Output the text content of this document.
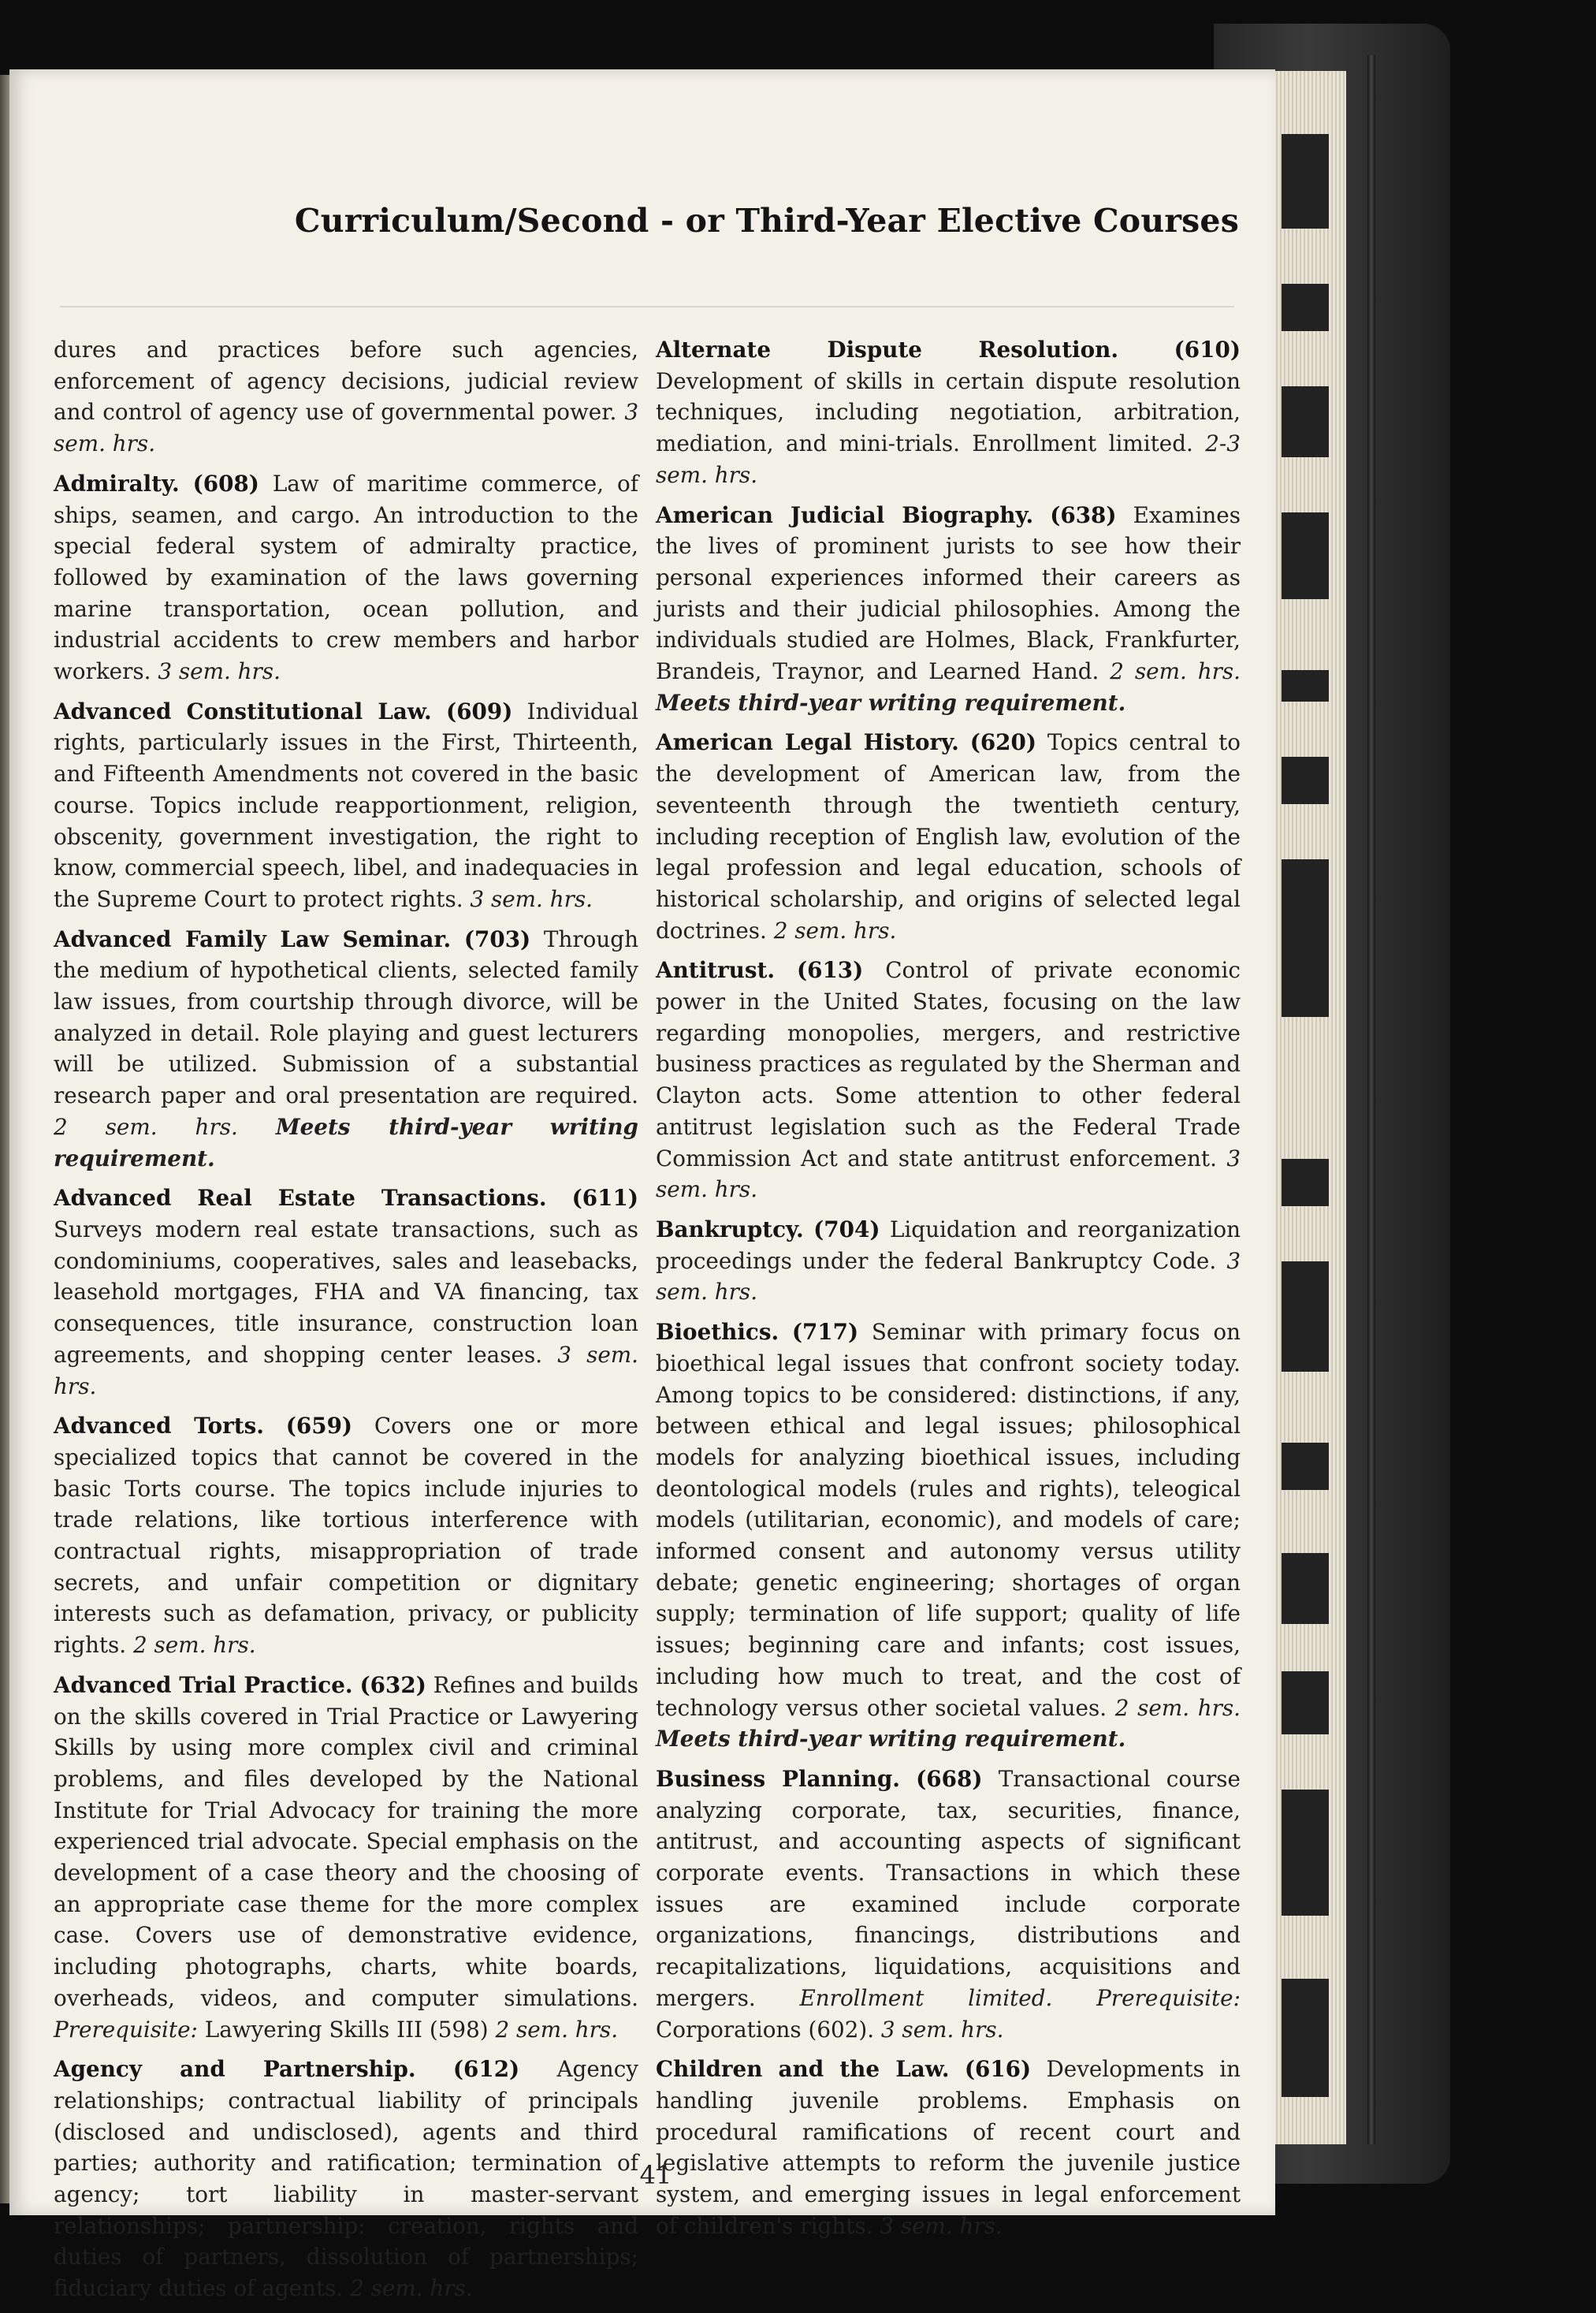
Curriculum/Second - or Third-Year Elective Courses

dures and practices before such agencies, enforcement of agency decisions, judicial review and control of agency use of governmental power. 3 sem. hrs.

Admiralty. (608) Law of maritime commerce, of ships, seamen, and cargo. An introduction to the special federal system of admiralty practice, followed by examination of the laws governing marine transportation, ocean pollution, and industrial accidents to crew members and harbor workers. 3 sem. hrs.

Advanced Constitutional Law. (609) Individual rights, particularly issues in the First, Thirteenth, and Fifteenth Amendments not covered in the basic course. Topics include reapportionment, religion, obscenity, government investigation, the right to know, commercial speech, libel, and inadequacies in the Supreme Court to protect rights. 3 sem. hrs.

Advanced Family Law Seminar. (703) Through the medium of hypothetical clients, selected family law issues, from courtship through divorce, will be analyzed in detail. Role playing and guest lecturers will be utilized. Submission of a substantial research paper and oral presentation are required. 2 sem. hrs. Meets third-year writing requirement.

Advanced Real Estate Transactions. (611) Surveys modern real estate transactions, such as condominiums, cooperatives, sales and leasebacks, leasehold mortgages, FHA and VA financing, tax consequences, title insurance, construction loan agreements, and shopping center leases. 3 sem. hrs.

Advanced Torts. (659) Covers one or more specialized topics that cannot be covered in the basic Torts course. The topics include injuries to trade relations, like tortious interference with contractual rights, misappropriation of trade secrets, and unfair competition or dignitary interests such as defamation, privacy, or publicity rights. 2 sem. hrs.

Advanced Trial Practice. (632) Refines and builds on the skills covered in Trial Practice or Lawyering Skills by using more complex civil and criminal problems, and files developed by the National Institute for Trial Advocacy for training the more experienced trial advocate. Special emphasis on the development of a case theory and the choosing of an appropriate case theme for the more complex case. Covers use of demonstrative evidence, including photographs, charts, white boards, overheads, videos, and computer simulations. Prerequisite: Lawyering Skills III (598) 2 sem. hrs.

Agency and Partnership. (612) Agency relationships; contractual liability of principals (disclosed and undisclosed), agents and third parties; authority and ratification; termination of agency; tort liability in master-servant relationships; partnership: creation, rights and duties of partners, dissolution of partnerships; fiduciary duties of agents. 2 sem. hrs.

Alternate Dispute Resolution.	(610) Development of skills in certain dispute resolution techniques, including negotiation, arbitration, mediation, and mini-trials. Enrollment limited. 2-3 sem. hrs.

American Judicial Biography. (638) Examines the lives of prominent jurists to see how their personal experiences informed their careers as jurists and their judicial philosophies. Among the individuals studied are Holmes, Black, Frankfurter, Brandeis, Traynor, and Learned Hand. 2 sem. hrs. Meets third-year writing requirement.

American Legal History. (620) Topics central to the development of American law, from the seventeenth through the twentieth century, including reception of English law, evolution of the legal profession and legal education, schools of historical scholarship, and origins of selected legal doctrines. 2 sem. hrs.

Antitrust. (613) Control of private economic power in the United States, focusing on the law regarding monopolies, mergers, and restrictive business practices as regulated by the Sherman and Clayton acts. Some attention to other federal antitrust legislation such as the Federal Trade Commission Act and state antitrust enforcement. 3 sem. hrs.

Bankruptcy. (704) Liquidation and reorganization proceedings under the federal Bankruptcy Code. 3 sem. hrs.

Bioethics. (717) Seminar with primary focus on bioethical legal issues that confront society today. Among topics to be considered: distinctions, if any, between ethical and legal issues; philosophical models for analyzing bioethical issues, including deontological models (rules and rights), teleogical models (utilitarian, economic), and models of care; informed consent and autonomy versus utility debate; genetic engineering; shortages of organ supply; termination of life support; quality of life issues; beginning care and infants; cost issues, including how much to treat, and the cost of technology versus other societal values. 2 sem. hrs. Meets third-year writing requirement.

Business Planning. (668) Transactional course analyzing corporate, tax, securities, finance, antitrust, and accounting aspects of significant corporate events. Transactions in which these issues are examined include corporate organizations, financings, distributions and recapitalizations, liquidations, acquisitions and mergers. Enrollment limited. Prerequisite: Corporations (602). 3 sem. hrs.

Children and the Law. (616) Developments in handling juvenile problems. Emphasis on procedural ramifications of recent court and legislative attempts to reform the juvenile justice system, and emerging issues in legal enforcement of children's rights. 3 sem. hrs.

41
